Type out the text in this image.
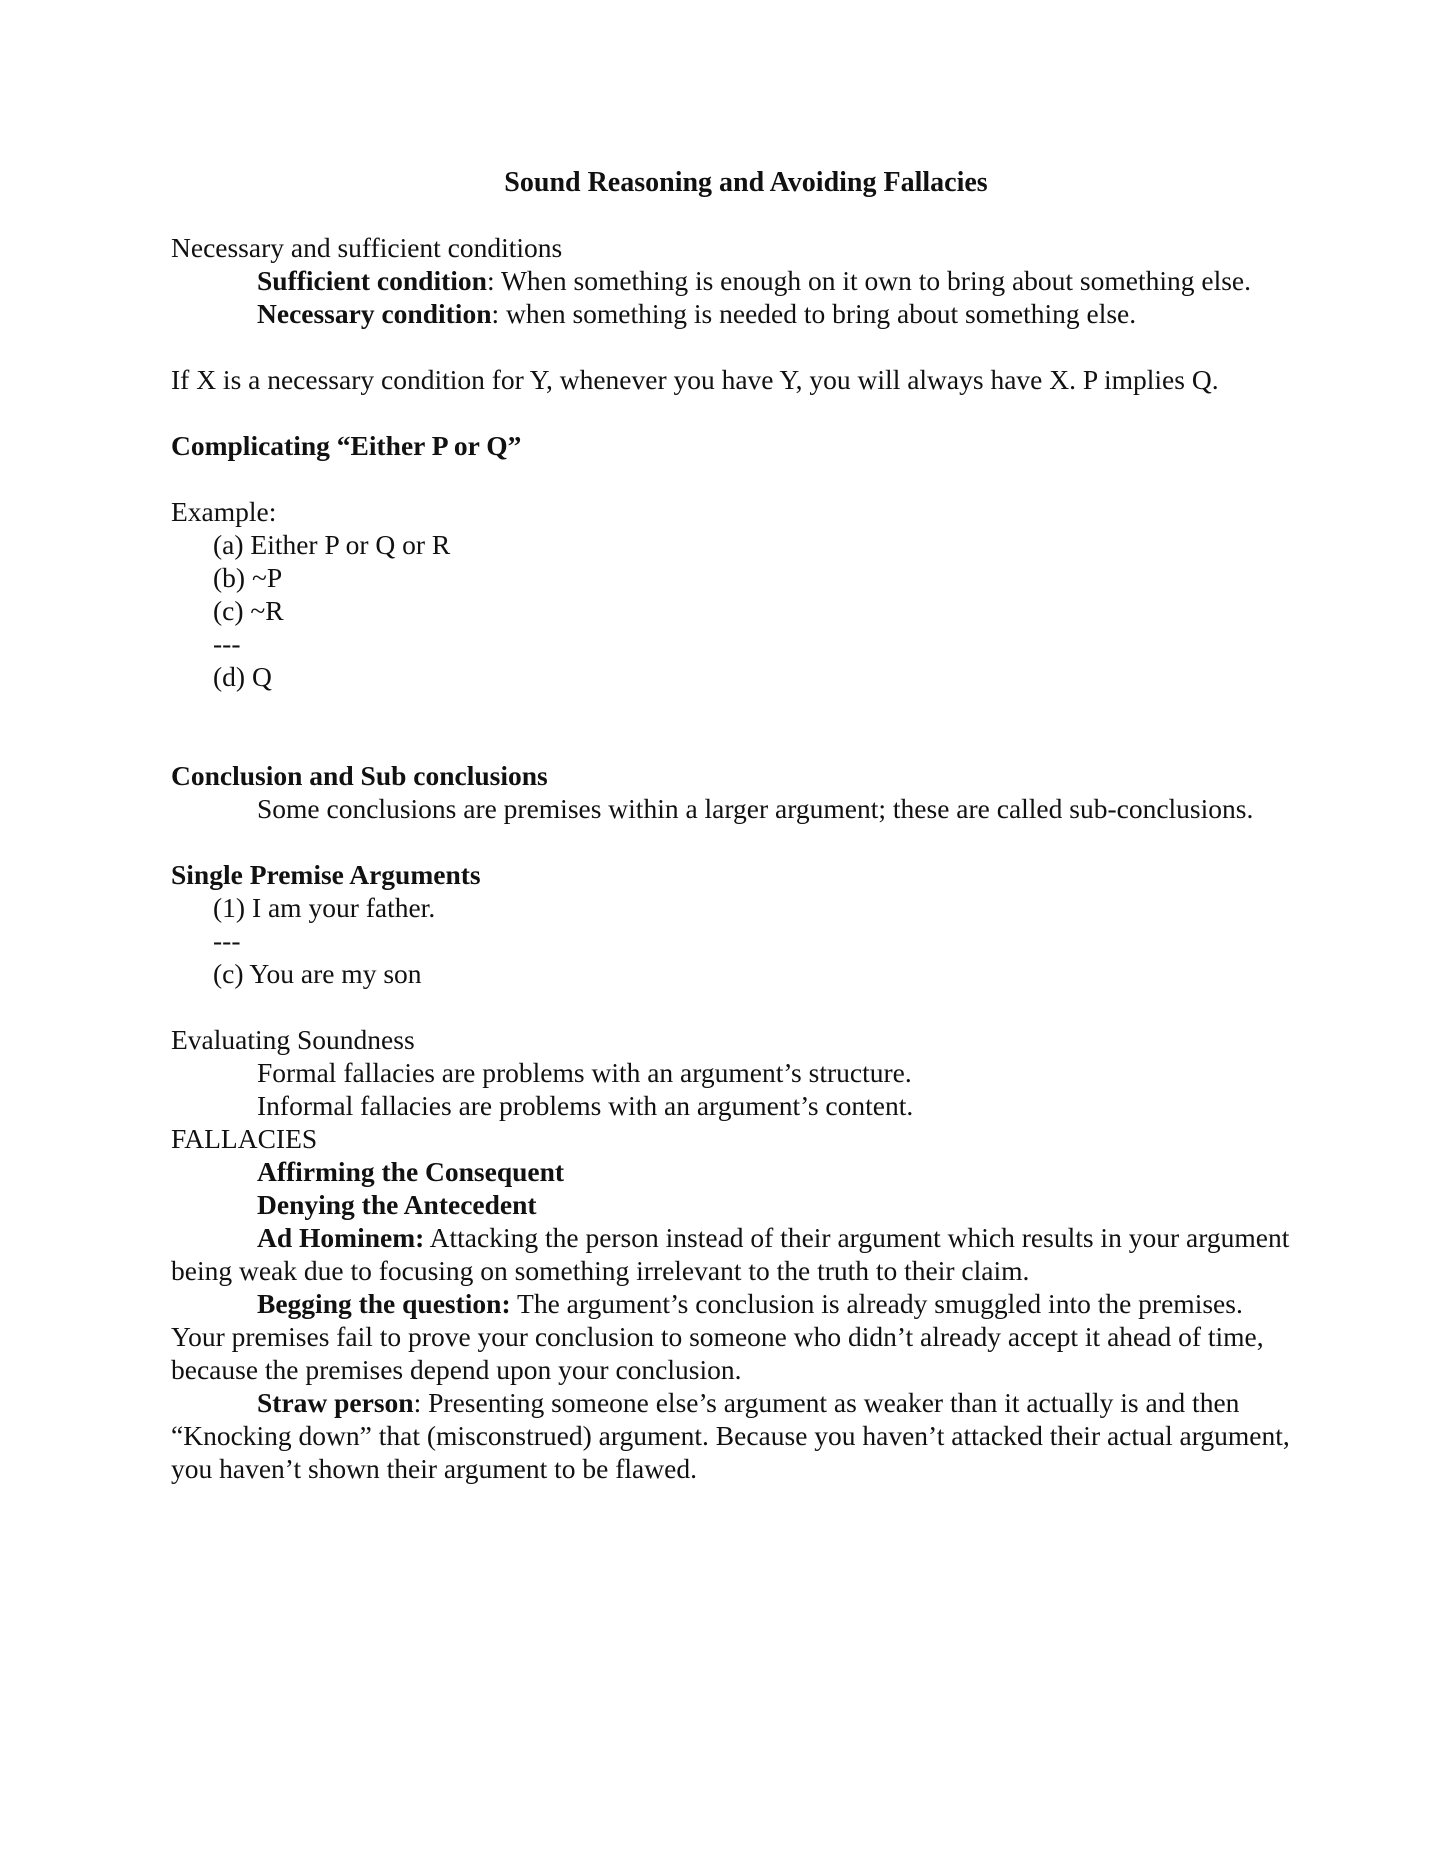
Sound Reasoning and Avoiding Fallacies

Necessary and sufficient conditions

Sufficient condition: When something is enough on it own to bring about something else.

Necessary condition: when something is needed to bring about something else.

If X is a necessary condition for Y, whenever you have Y, you will always have X. P implies Q.

Complicating “Either P or Q”

Example:

(a) Either P or Q or R

(b) ~P

(c) ~R

---

(d) Q

Conclusion and Sub conclusions

Some conclusions are premises within a larger argument; these are called sub-conclusions.

Single Premise Arguments

(1) I am your father.

---

(c) You are my son

Evaluating Soundness

Formal fallacies are problems with an argument’s structure.

Informal fallacies are problems with an argument’s content.

FALLACIES

Affirming the Consequent

Denying the Antecedent

Ad Hominem: Attacking the person instead of their argument which results in your argument being weak due to focusing on something irrelevant to the truth to their claim.

Begging the question: The argument’s conclusion is already smuggled into the premises. Your premises fail to prove your conclusion to someone who didn’t already accept it ahead of time, because the premises depend upon your conclusion.

Straw person: Presenting someone else’s argument as weaker than it actually is and then “Knocking down” that (misconstrued) argument. Because you haven’t attacked their actual argument, you haven’t shown their argument to be flawed.
